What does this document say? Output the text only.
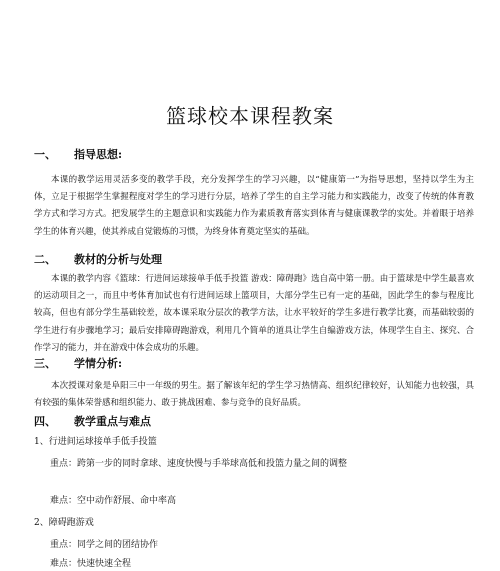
篮球校本课程教案
一、 指导思想:

本课的教学运用灵活多变的教学手段，充分发挥学生的学习兴趣，以“健康第一”为指导思想，坚持以学生为主体，立足于根据学生掌握程度对学生的学习进行分层，培养了学生的自主学习能力和实践能力，改变了传统的体育教学方式和学习方式。把发展学生的主题意识和实践能力作为素质教育落实到体育与健康课教学的实处。并着眼于培养学生的体育兴趣，使其养成自觉锻炼的习惯，为终身体育奠定坚实的基础。

二、 教材的分析与处理

本课的教学内容《篮球：行进间运球接单手低手投篮 游戏：障碍跑》选自高中第一册。由于篮球是中学生最喜欢的运动项目之一，而且中考体育加试也有行进间运球上篮项目，大部分学生已有一定的基础，因此学生的参与程度比较高，但也有部分学生基础较差，故本课采取分层次的教学方法，让水平较好的学生多进行教学比赛，而基础较弱的学生进行有步骤地学习；最后安排障碍跑游戏，利用几个简单的道具让学生自编游戏方法，体现学生自主、探究、合作学习的能力，并在游戏中体会成功的乐趣。

三、 学情分析:

本次授课对象是阜阳三中一年级的男生。据了解该年纪的学生学习热情高、组织纪律较好，认知能力也较强，具有较强的集体荣誉感和组织能力、敢于挑战困难、参与竞争的良好品质。

四、 教学重点与难点
1、行进间运球接单手低手投篮
重点：跨第一步的同时拿球、速度快慢与手举球高低和投篮力量之间的调整
难点：空中动作舒展、命中率高
2、障碍跑游戏
重点：同学之间的团结协作
难点：快速快速全程
